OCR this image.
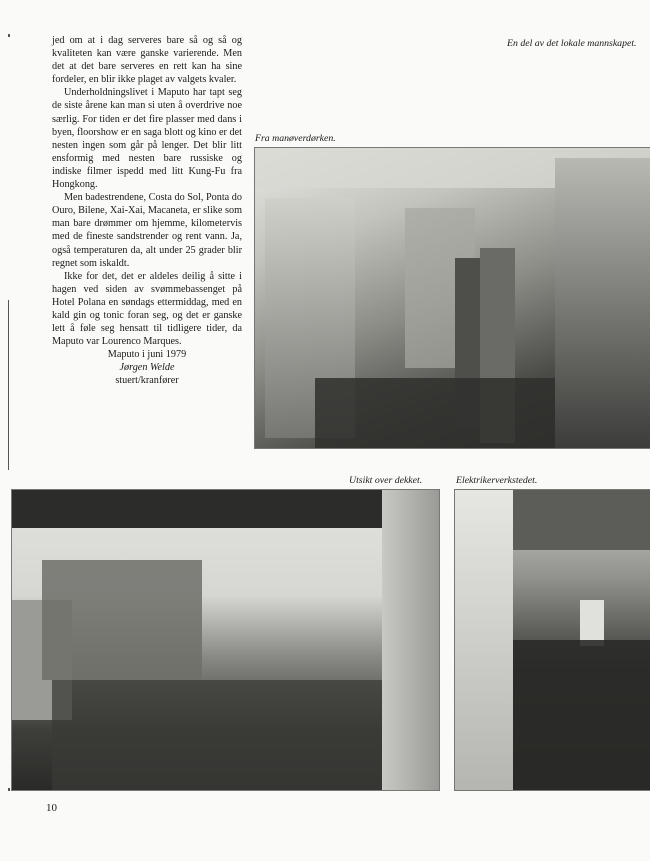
jed om at i dag serveres bare så og så og kvaliteten kan være ganske varierende. Men det at det bare serveres en rett kan ha sine fordeler, en blir ikke plaget av valgets kvaler.

Underholdningslivet i Maputo har tapt seg de siste årene kan man si uten å overdrive noe særlig. For tiden er det fire plasser med dans i byen, floorshow er en saga blott og kino er det nesten ingen som går på lenger. Det blir litt ensformig med nesten bare russiske og indiske filmer ispedd med litt Kung-Fu fra Hongkong.

Men badestrendene, Costa do Sol, Ponta do Ouro, Bilene, Xai-Xai, Macaneta, er slike som man bare drømmer om hjemme, kilometervis med de fineste sandstrender og rent vann. Ja, også temperaturen da, alt under 25 grader blir regnet som iskaldt.

Ikke for det, det er aldeles deilig å sitte i hagen ved siden av svømmebassenget på Hotel Polana en søndags ettermiddag, med en kald gin og tonic foran seg, og det er ganske lett å føle seg hensatt til tidligere tider, da Maputo var Lourenco Marques.

Maputo i juni 1979
Jørgen Welde
stuert/kranfører
En del av det lokale mannskapet.
Fra manøverdørken.
Utsikt over dekket.	Elektrikerverkstedet.
10
